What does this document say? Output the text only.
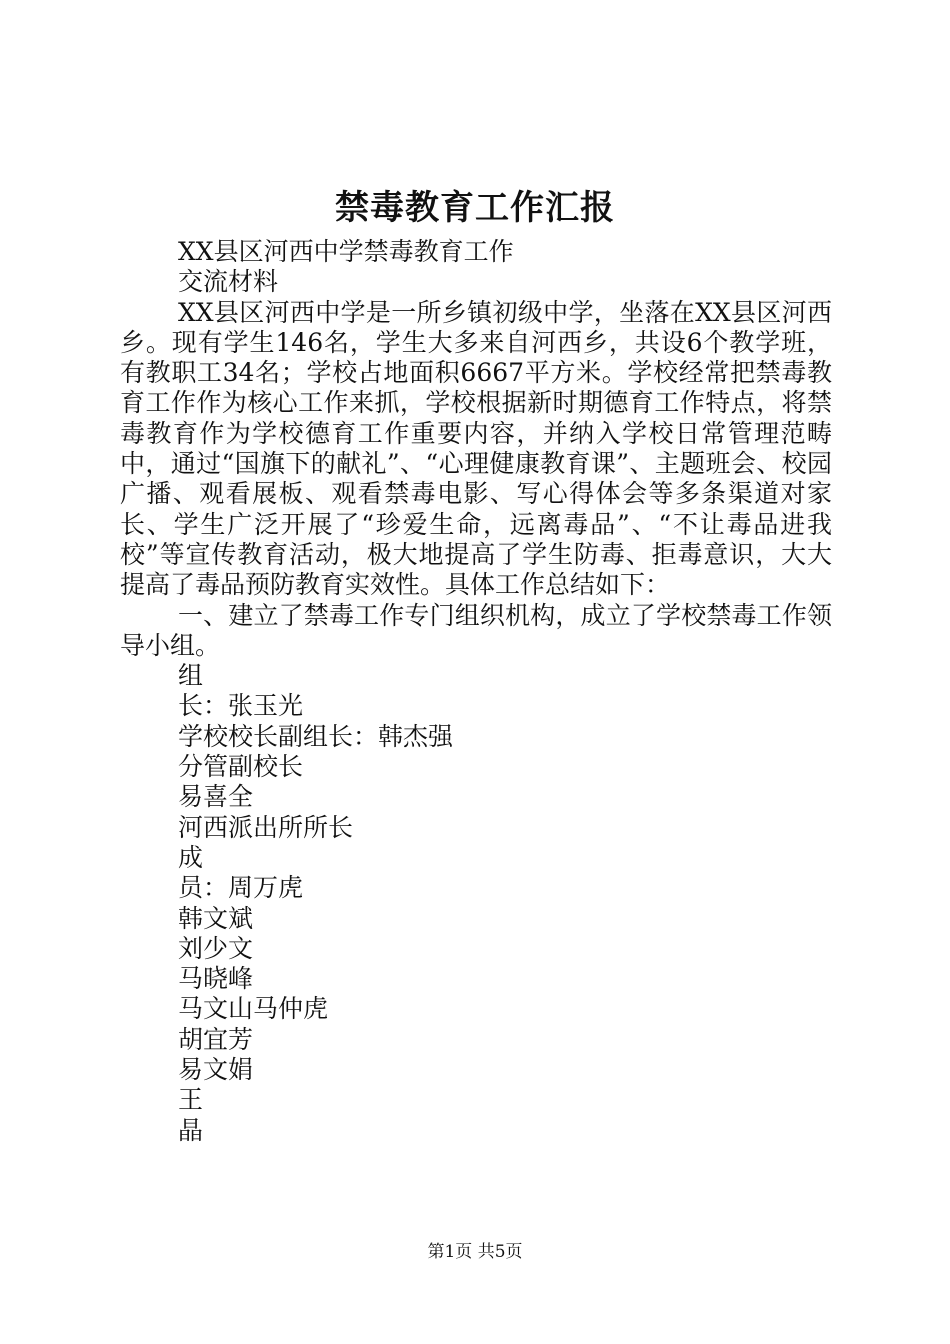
禁毒教育工作汇报
XX县区河西中学禁毒教育工作
交流材料
XX县区河西中学是一所乡镇初级中学，坐落在XX县区河西乡。现有学生146名，学生大多来自河西乡，共设6个教学班，有教职工34名；学校占地面积6667平方米。学校经常把禁毒教育工作作为核心工作来抓，学校根据新时期德育工作特点，将禁毒教育作为学校德育工作重要内容，并纳入学校日常管理范畴中，通过“国旗下的献礼”、“心理健康教育课”、主题班会、校园广播、观看展板、观看禁毒电影、写心得体会等多条渠道对家长、学生广泛开展了“珍爱生命，远离毒品”、“不让毒品进我校”等宣传教育活动，极大地提高了学生防毒、拒毒意识，大大提高了毒品预防教育实效性。具体工作总结如下：
一、建立了禁毒工作专门组织机构，成立了学校禁毒工作领导小组。
组
长：张玉光
学校校长副组长：韩杰强
分管副校长
易喜全
河西派出所所长
成
员：周万虎
韩文斌
刘少文
马晓峰
马文山马仲虎
胡宜芳
易文娟
王
晶
第1页 共5页
